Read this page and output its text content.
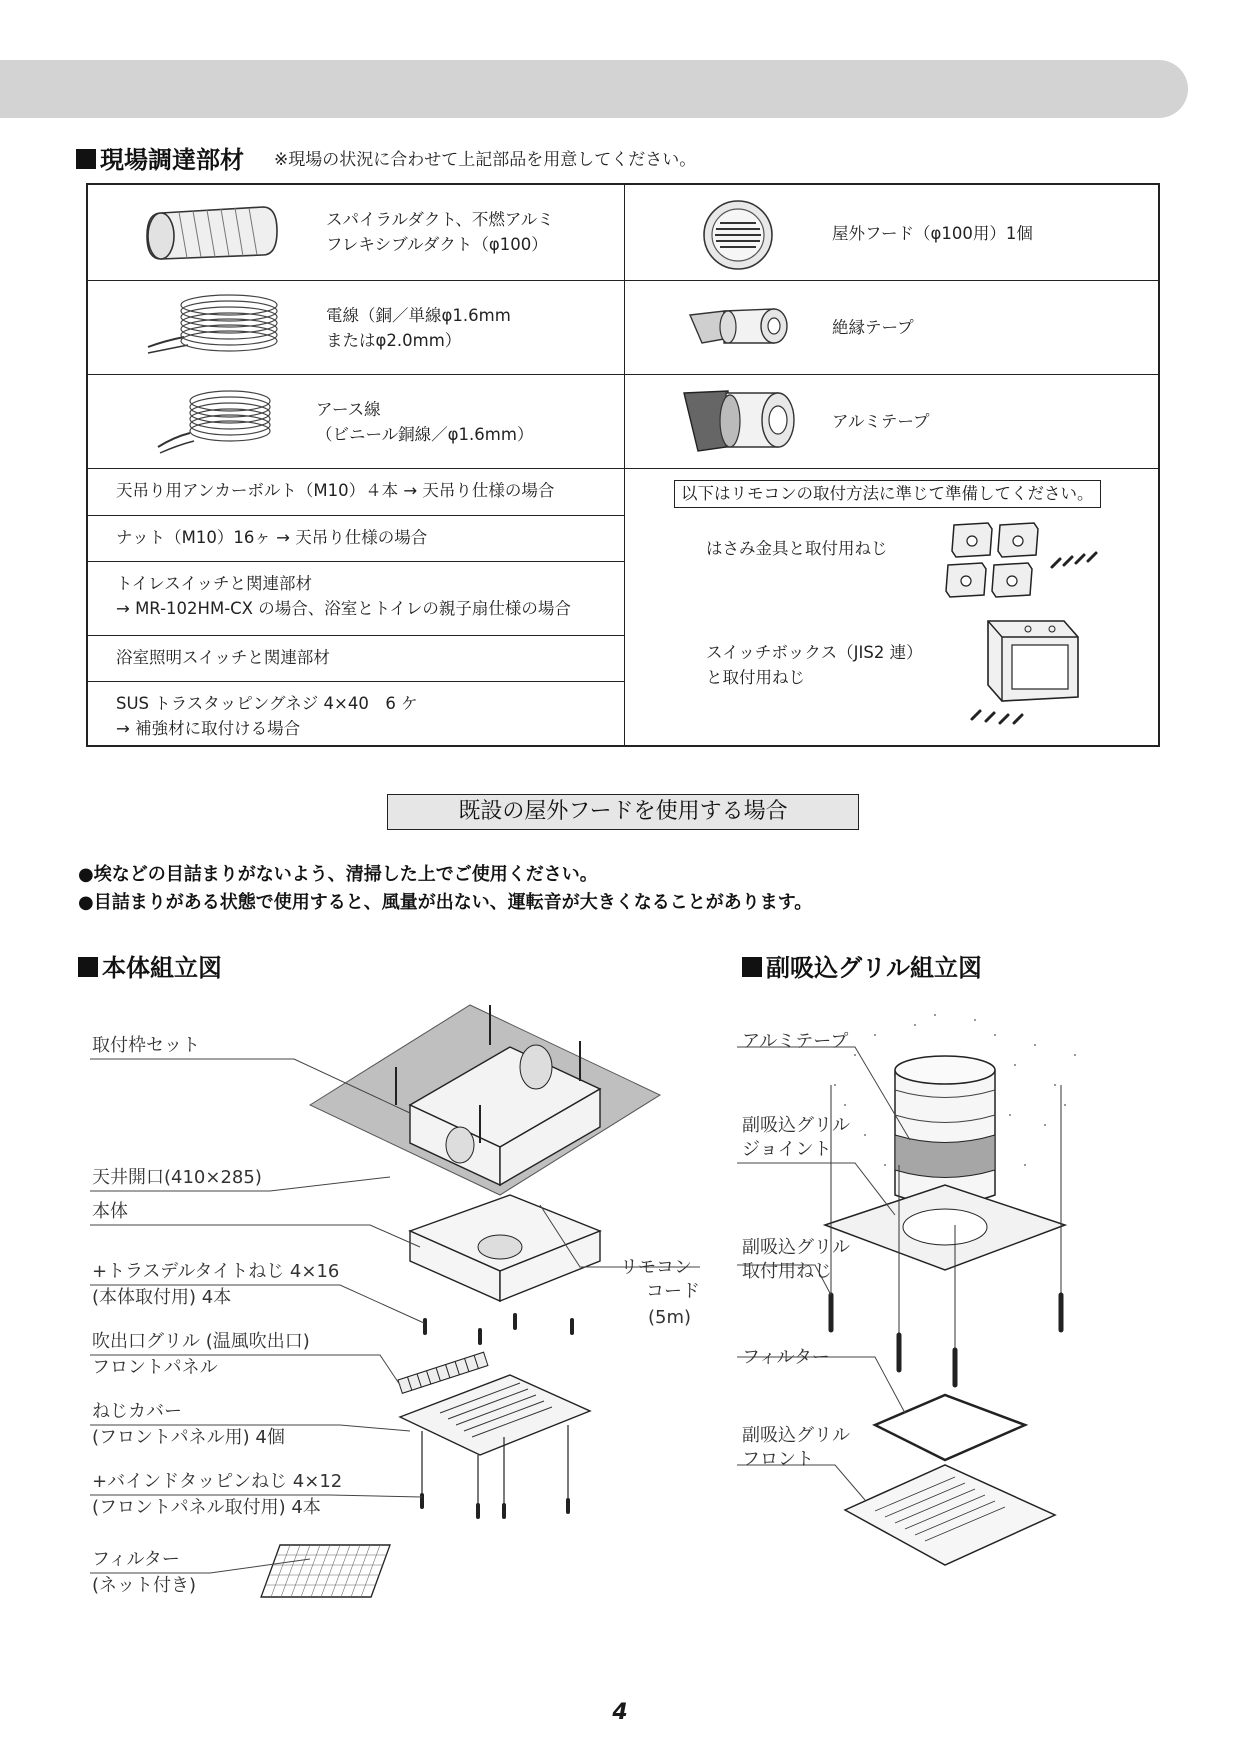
現場調達部材 ※現場の状況に合わせて上記部品を用意してください。
スパイラルダクト、不燃アルミ
フレキシブルダクト（φ100）
屋外フード（φ100用）1個
電線（銅／単線φ1.6mm
またはφ2.0mm）
絶縁テープ
アース線
（ビニール銅線／φ1.6mm）
アルミテープ
天吊り用アンカーボルト（M10）４本 → 天吊り仕様の場合
ナット（M10）16ヶ → 天吊り仕様の場合
トイレスイッチと関連部材
→ MR-102HM-CX の場合、浴室とトイレの親子扇仕様の場合
浴室照明スイッチと関連部材
SUS トラスタッピングネジ 4×40　6 ケ
→ 補強材に取付ける場合
以下はリモコンの取付方法に準じて準備してください。
はさみ金具と取付用ねじ
スイッチボックス（JIS2 連）
と取付用ねじ
既設の屋外フードを使用する場合
●埃などの目詰まりがないよう、清掃した上でご使用ください。
●目詰まりがある状態で使用すると、風量が出ない、運転音が大きくなることがあります。
本体組立図
取付枠セット
天井開口(410×285)
本体
+トラスデルタイトねじ 4×16
(本体取付用) 4本
吹出口グリル (温風吹出口)
フロントパネル
ねじカバー
(フロントパネル用) 4個
+バインドタッピンねじ 4×12
(フロントパネル取付用) 4本
フィルター
(ネット付き)
リモコン
コード
(5m)
副吸込グリル組立図
アルミテープ
副吸込グリル
ジョイント
副吸込グリル
取付用ねじ
フィルター
副吸込グリル
フロント
4
